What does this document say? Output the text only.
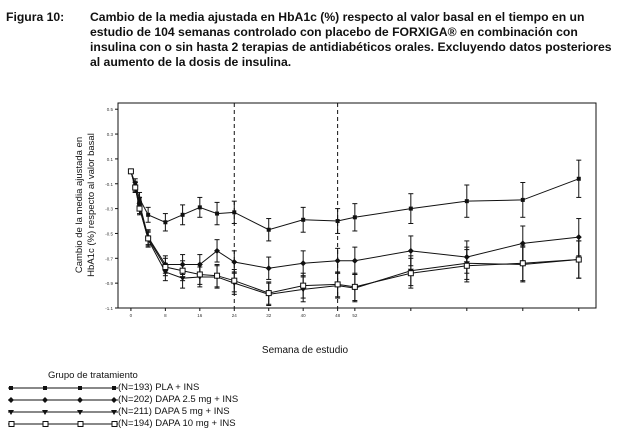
Figura 10: Cambio de la media ajustada en HbA1c (%) respecto al valor basal en el tiempo en un estudio de 104 semanas controlado con placebo de FORXIGA® en combinación con insulina con o sin hasta 2 terapias de antidiabéticos orales. Excluyendo datos posteriores al aumento de la dosis de insulina.
0.5
0.3
0.1
-0.1
-0.3
-0.5
-0.7
-0.9
-1.1
0	8	16	24	32	40	48	52
Cambio de la media ajustada enHbA1c (%) respecto al valor basal
Semana de estudio
Grupo de tratamiento
(N=193) PLA + INS
(N=202) DAPA 2.5 mg + INS
(N=211) DAPA 5 mg + INS
(N=194) DAPA 10 mg + INS
